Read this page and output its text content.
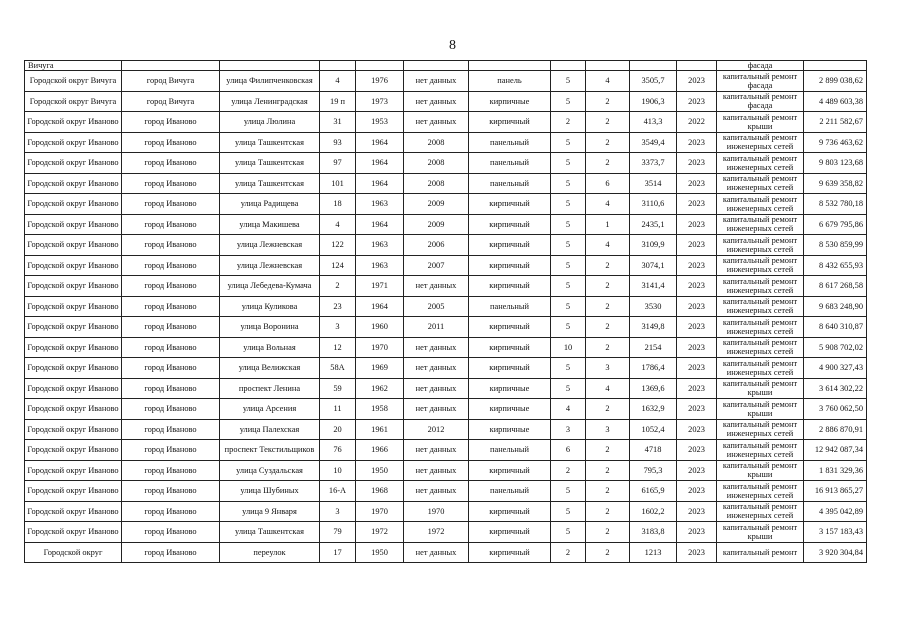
8
Вичуга											фасада	
Городской округ Вичуга	город Вичуга	улица Филипченковская	4	1976	нет данных	панель	5	4	3505,7	2023	капитальный ремонт фасада	2 899 038,62
Городской округ Вичуга	город Вичуга	улица Ленинградская	19 п	1973	нет данных	кирпичные	5	2	1906,3	2023	капитальный ремонт фасада	4 489 603,38
Городской округ Иваново	город Иваново	улица Люлина	31	1953	нет данных	кирпичный	2	2	413,3	2022	капитальный ремонт крыши	2 211 582,67
Городской округ Иваново	город Иваново	улица Ташкентская	93	1964	2008	панельный	5	2	3549,4	2023	капитальный ремонт инженерных сетей	9 736 463,62
Городской округ Иваново	город Иваново	улица Ташкентская	97	1964	2008	панельный	5	2	3373,7	2023	капитальный ремонт инженерных сетей	9 803 123,68
Городской округ Иваново	город Иваново	улица Ташкентская	101	1964	2008	панельный	5	6	3514	2023	капитальный ремонт инженерных сетей	9 639 358,82
Городской округ Иваново	город Иваново	улица Радищева	18	1963	2009	кирпичный	5	4	3110,6	2023	капитальный ремонт инженерных сетей	8 532 780,18
Городской округ Иваново	город Иваново	улица Макишева	4	1964	2009	кирпичный	5	1	2435,1	2023	капитальный ремонт инженерных сетей	6 679 795,86
Городской округ Иваново	город Иваново	улица Лежневская	122	1963	2006	кирпичный	5	4	3109,9	2023	капитальный ремонт инженерных сетей	8 530 859,99
Городской округ Иваново	город Иваново	улица Лежневская	124	1963	2007	кирпичный	5	2	3074,1	2023	капитальный ремонт инженерных сетей	8 432 655,93
Городской округ Иваново	город Иваново	улица Лебедева-Кумача	2	1971	нет данных	кирпичный	5	2	3141,4	2023	капитальный ремонт инженерных сетей	8 617 268,58
Городской округ Иваново	город Иваново	улица Куликова	23	1964	2005	панельный	5	2	3530	2023	капитальный ремонт инженерных сетей	9 683 248,90
Городской округ Иваново	город Иваново	улица Воронина	3	1960	2011	кирпичный	5	2	3149,8	2023	капитальный ремонт инженерных сетей	8 640 310,87
Городской округ Иваново	город Иваново	улица Вольная	12	1970	нет данных	кирпичный	10	2	2154	2023	капитальный ремонт инженерных сетей	5 908 702,02
Городской округ Иваново	город Иваново	улица Велижская	58А	1969	нет данных	кирпичный	5	3	1786,4	2023	капитальный ремонт инженерных сетей	4 900 327,43
Городской округ Иваново	город Иваново	проспект Ленина	59	1962	нет данных	кирпичные	5	4	1369,6	2023	капитальный ремонт крыши	3 614 302,22
Городской округ Иваново	город Иваново	улица Арсения	11	1958	нет данных	кирпичные	4	2	1632,9	2023	капитальный ремонт крыши	3 760 062,50
Городской округ Иваново	город Иваново	улица Палехская	20	1961	2012	кирпичные	3	3	1052,4	2023	капитальный ремонт инженерных сетей	2 886 870,91
Городской округ Иваново	город Иваново	проспект Текстильщиков	76	1966	нет данных	панельный	6	2	4718	2023	капитальный ремонт инженерных сетей	12 942 087,34
Городской округ Иваново	город Иваново	улица Суздальская	10	1950	нет данных	кирпичный	2	2	795,3	2023	капитальный ремонт крыши	1 831 329,36
Городской округ Иваново	город Иваново	улица Шубиных	16-А	1968	нет данных	панельный	5	2	6165,9	2023	капитальный ремонт инженерных сетей	16 913 865,27
Городской округ Иваново	город Иваново	улица 9 Января	3	1970	1970	кирпичный	5	2	1602,2	2023	капитальный ремонт инженерных сетей	4 395 042,89
Городской округ Иваново	город Иваново	улица Ташкентская	79	1972	1972	кирпичный	5	2	3183,8	2023	капитальный ремонт крыши	3 157 183,43
Городской округ	город Иваново	переулок	17	1950	нет данных	кирпичный	2	2	1213	2023	капитальный ремонт	3 920 304,84
